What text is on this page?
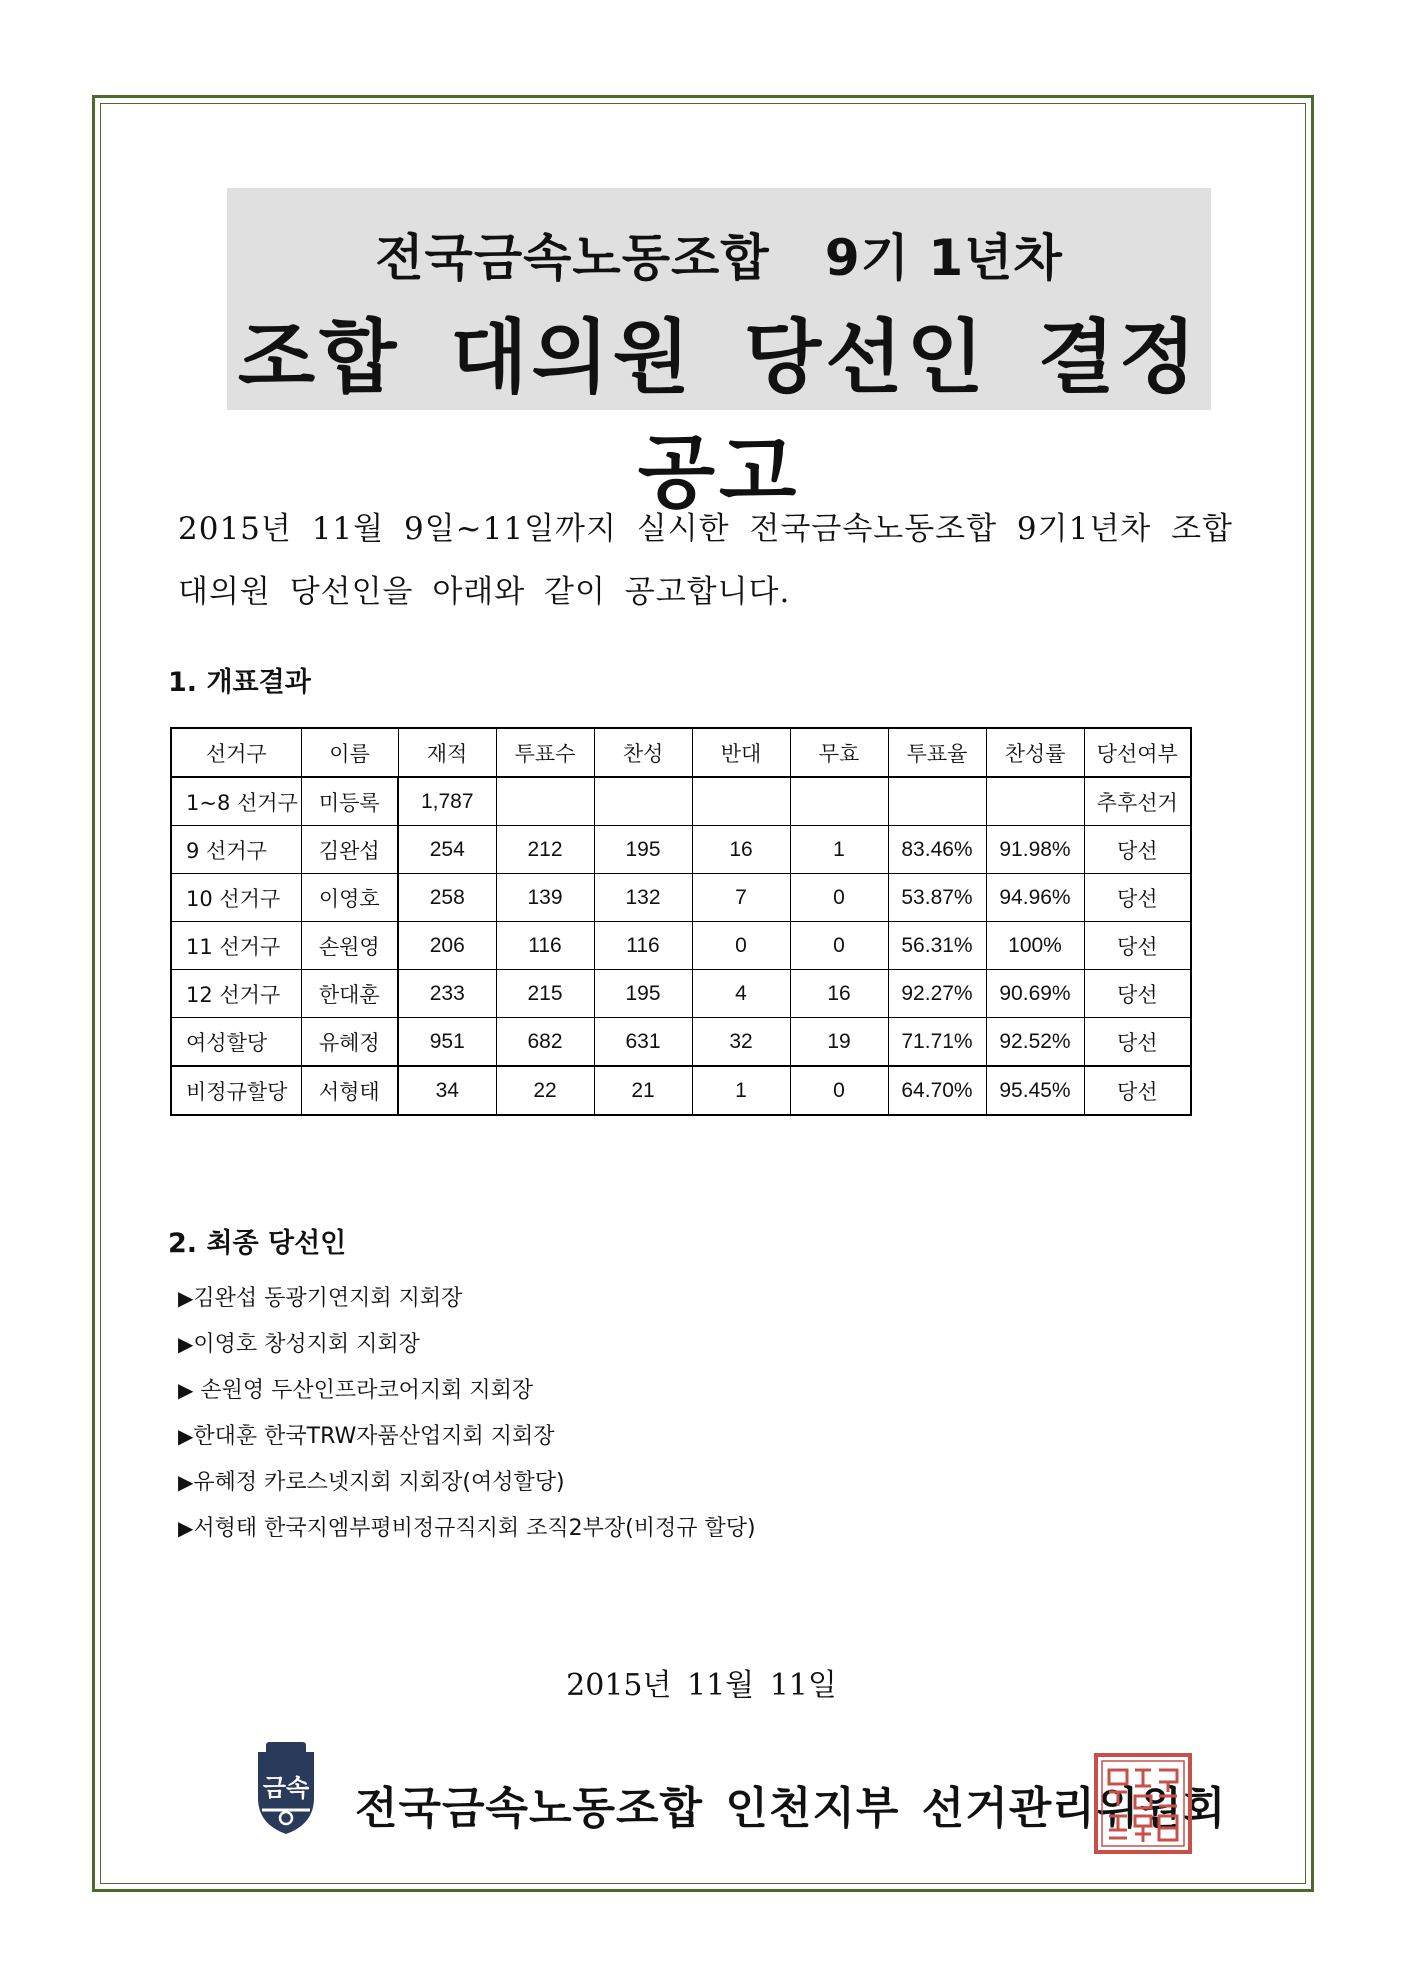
전국금속노동조합   9기 1년차
조합 대의원 당선인 결정 공고
2015년 11월 9일~11일까지 실시한 전국금속노동조합 9기1년차 조합대의원 당선인을 아래와 같이 공고합니다.
1. 개표결과
선거구	이름	재적	투표수	찬성	반대	무효	투표율	찬성률	당선여부
1~8 선거구	미등록	1,787							추후선거
9 선거구	김완섭	254	212	195	16	1	83.46%	91.98%	당선
10 선거구	이영호	258	139	132	7	0	53.87%	94.96%	당선
11 선거구	손원영	206	116	116	0	0	56.31%	100%	당선
12 선거구	한대훈	233	215	195	4	16	92.27%	90.69%	당선
여성할당	유혜정	951	682	631	32	19	71.71%	92.52%	당선
비정규할당	서형태	34	22	21	1	0	64.70%	95.45%	당선
2. 최종 당선인
▶김완섭 동광기연지회 지회장
▶이영호 창성지회 지회장
▶ 손원영 두산인프라코어지회 지회장
▶한대훈 한국TRW자품산업지회 지회장
▶유혜정 카로스넷지회 지회장(여성할당)
▶서형태 한국지엠부평비정규직지회 조직2부장(비정규 할당)
2015년 11월 11일
금속 전국금속노동조합 인천지부 선거관리위원회
